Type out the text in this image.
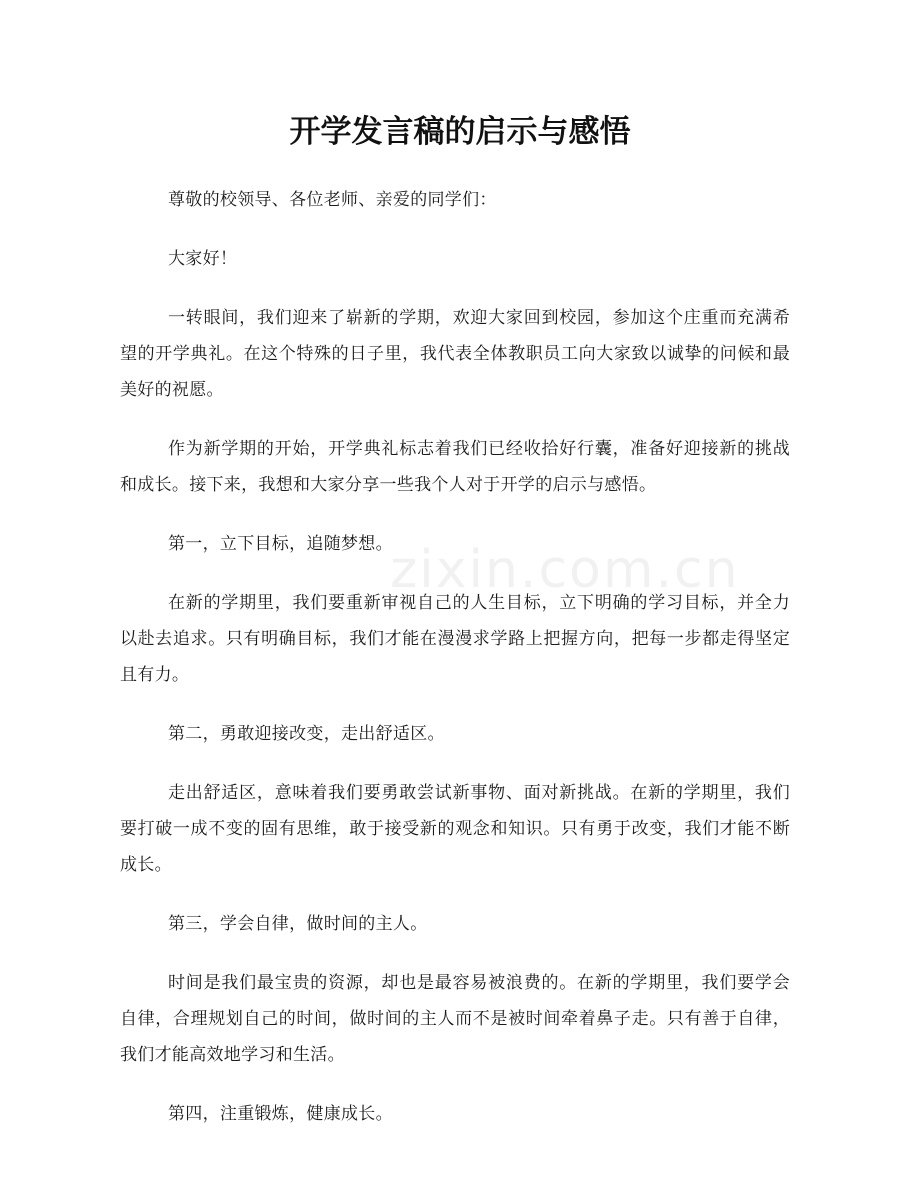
开学发言稿的启示与感悟

尊敬的校领导、各位老师、亲爱的同学们：

大家好！

一转眼间，我们迎来了崭新的学期，欢迎大家回到校园，参加这个庄重而充满希望的开学典礼。在这个特殊的日子里，我代表全体教职员工向大家致以诚挚的问候和最美好的祝愿。

作为新学期的开始，开学典礼标志着我们已经收拾好行囊，准备好迎接新的挑战和成长。接下来，我想和大家分享一些我个人对于开学的启示与感悟。

第一，立下目标，追随梦想。

在新的学期里，我们要重新审视自己的人生目标，立下明确的学习目标，并全力以赴去追求。只有明确目标，我们才能在漫漫求学路上把握方向，把每一步都走得坚定且有力。

第二，勇敢迎接改变，走出舒适区。

走出舒适区，意味着我们要勇敢尝试新事物、面对新挑战。在新的学期里，我们要打破一成不变的固有思维，敢于接受新的观念和知识。只有勇于改变，我们才能不断成长。

第三，学会自律，做时间的主人。

时间是我们最宝贵的资源，却也是最容易被浪费的。在新的学期里，我们要学会自律，合理规划自己的时间，做时间的主人而不是被时间牵着鼻子走。只有善于自律，我们才能高效地学习和生活。

第四，注重锻炼，健康成长。

zixin.com.cn
